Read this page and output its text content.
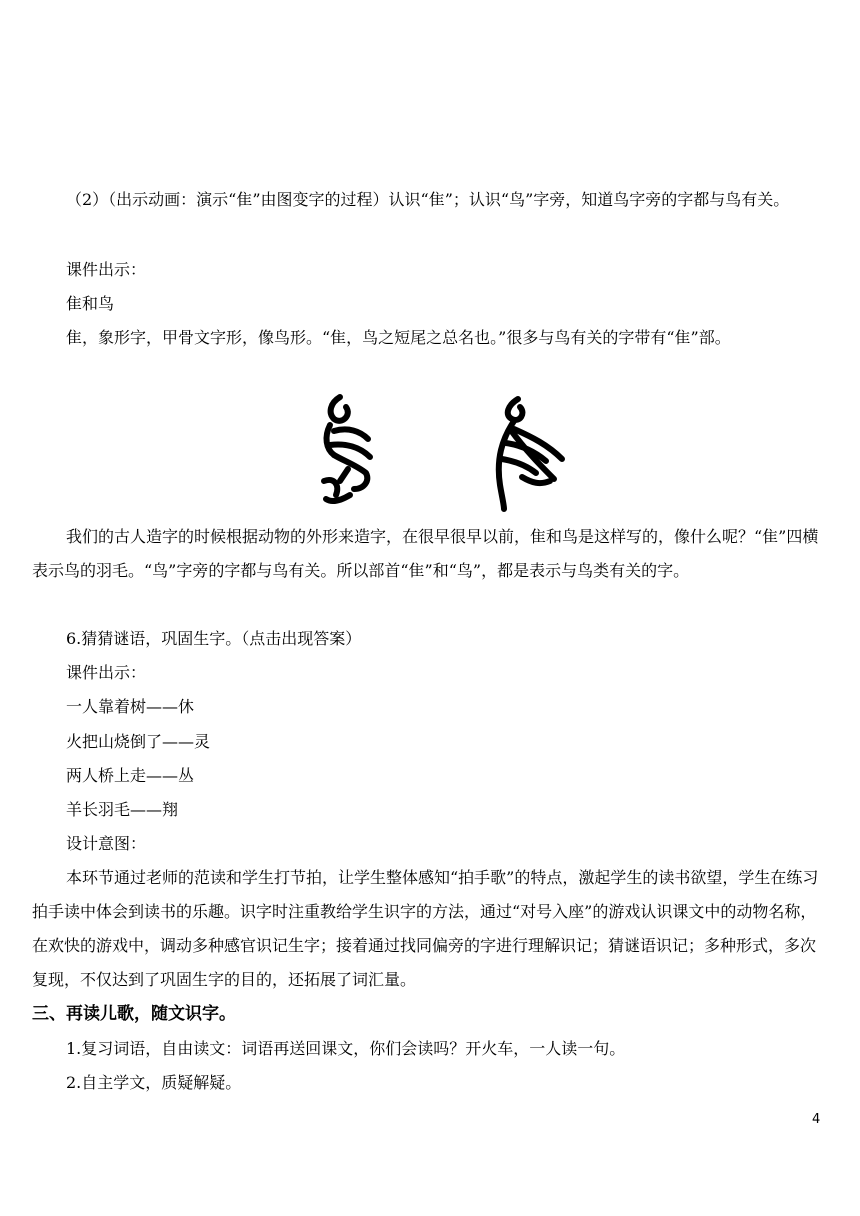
（2）（出示动画：演示“隹”由图变字的过程）认识“隹”；认识“鸟”字旁，知道鸟字旁的字都与鸟有关。

课件出示：

隹和鸟

隹，象形字，甲骨文字形，像鸟形。“隹，鸟之短尾之总名也。”很多与鸟有关的字带有“隹”部。

我们的古人造字的时候根据动物的外形来造字，在很早很早以前，隹和鸟是这样写的，像什么呢？“隹”四横表示鸟的羽毛。“鸟”字旁的字都与鸟有关。所以部首“隹”和“鸟”，都是表示与鸟类有关的字。

6.猜猜谜语，巩固生字。（点击出现答案）

课件出示：

一人靠着树——休

火把山烧倒了——灵

两人桥上走——丛

羊长羽毛——翔

设计意图：

本环节通过老师的范读和学生打节拍，让学生整体感知“拍手歌”的特点，激起学生的读书欲望，学生在练习拍手读中体会到读书的乐趣。识字时注重教给学生识字的方法，通过“对号入座”的游戏认识课文中的动物名称，在欢快的游戏中，调动多种感官识记生字；接着通过找同偏旁的字进行理解识记；猜谜语识记；多种形式，多次复现，不仅达到了巩固生字的目的，还拓展了词汇量。

三、再读儿歌，随文识字。

1.复习词语，自由读文：词语再送回课文，你们会读吗？开火车，一人读一句。

2.自主学文，质疑解疑。

4
